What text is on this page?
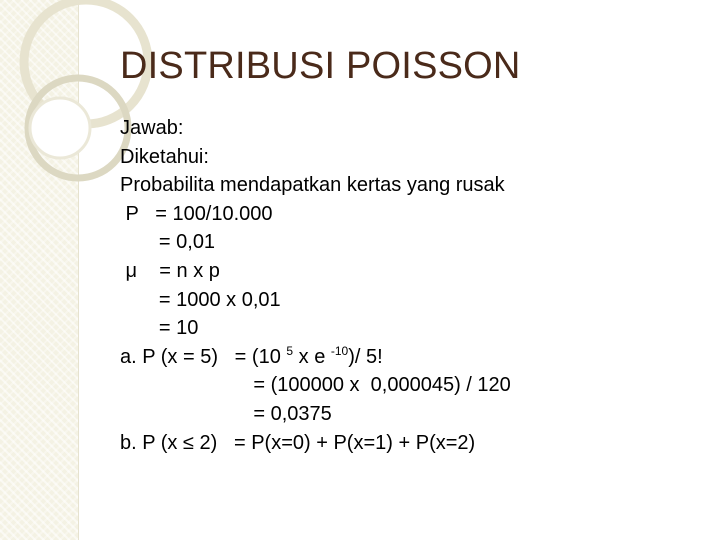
DISTRIBUSI POISSON
Jawab:
Diketahui:
Probabilita mendapatkan kertas yang rusak
P   = 100/10.000
= 0,01
μ    = n x p
= 1000 x 0,01
= 10
a. P (x = 5)   = (10 $^5$ x e $^{-10}$)/ 5!
= (100000 x  0,000045) / 120
= 0,0375
b. P (x ≤ 2)   = P(x=0) + P(x=1) + P(x=2)
